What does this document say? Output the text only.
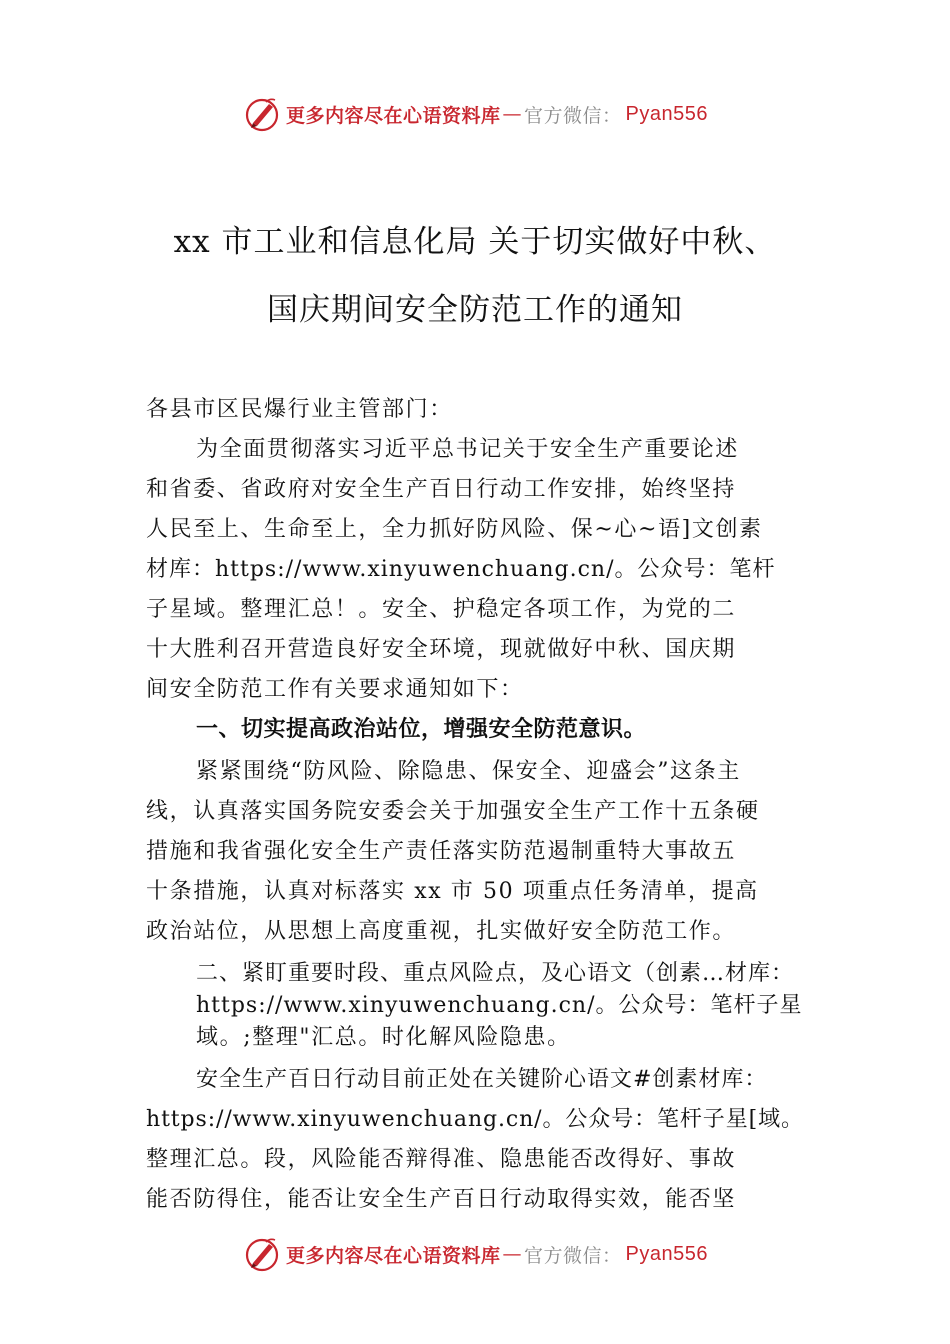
更多内容尽在心语资料库 — 官方微信： Pyan556
xx 市工业和信息化局 关于切实做好中秋、
国庆期间安全防范工作的通知
各县市区民爆行业主管部门：
为全面贯彻落实习近平总书记关于安全生产重要论述
和省委、省政府对安全生产百日行动工作安排，始终坚持
人民至上、生命至上，全力抓好防风险、保~心~语]文创素
材库：https://www.xinyuwenchuang.cn/。公众号：笔杆
子星域。整理汇总！。安全、护稳定各项工作，为党的二
十大胜利召开营造良好安全环境，现就做好中秋、国庆期
间安全防范工作有关要求通知如下：
一、切实提高政治站位，增强安全防范意识。
紧紧围绕“防风险、除隐患、保安全、迎盛会”这条主
线，认真落实国务院安委会关于加强安全生产工作十五条硬
措施和我省强化安全生产责任落实防范遏制重特大事故五
十条措施，认真对标落实 xx 市 50 项重点任务清单，提高
政治站位，从思想上高度重视，扎实做好安全防范工作。
二、紧盯重要时段、重点风险点，及心语文（创素…材库：
https://www.xinyuwenchuang.cn/。公众号：笔杆子星
域。;整理"汇总。时化解风险隐患。
安全生产百日行动目前正处在关键阶心语文#创素材库：
https://www.xinyuwenchuang.cn/。公众号：笔杆子星[域。
整理汇总。段，风险能否辩得准、隐患能否改得好、事故
能否防得住，能否让安全生产百日行动取得实效，能否坚
更多内容尽在心语资料库 — 官方微信： Pyan556
